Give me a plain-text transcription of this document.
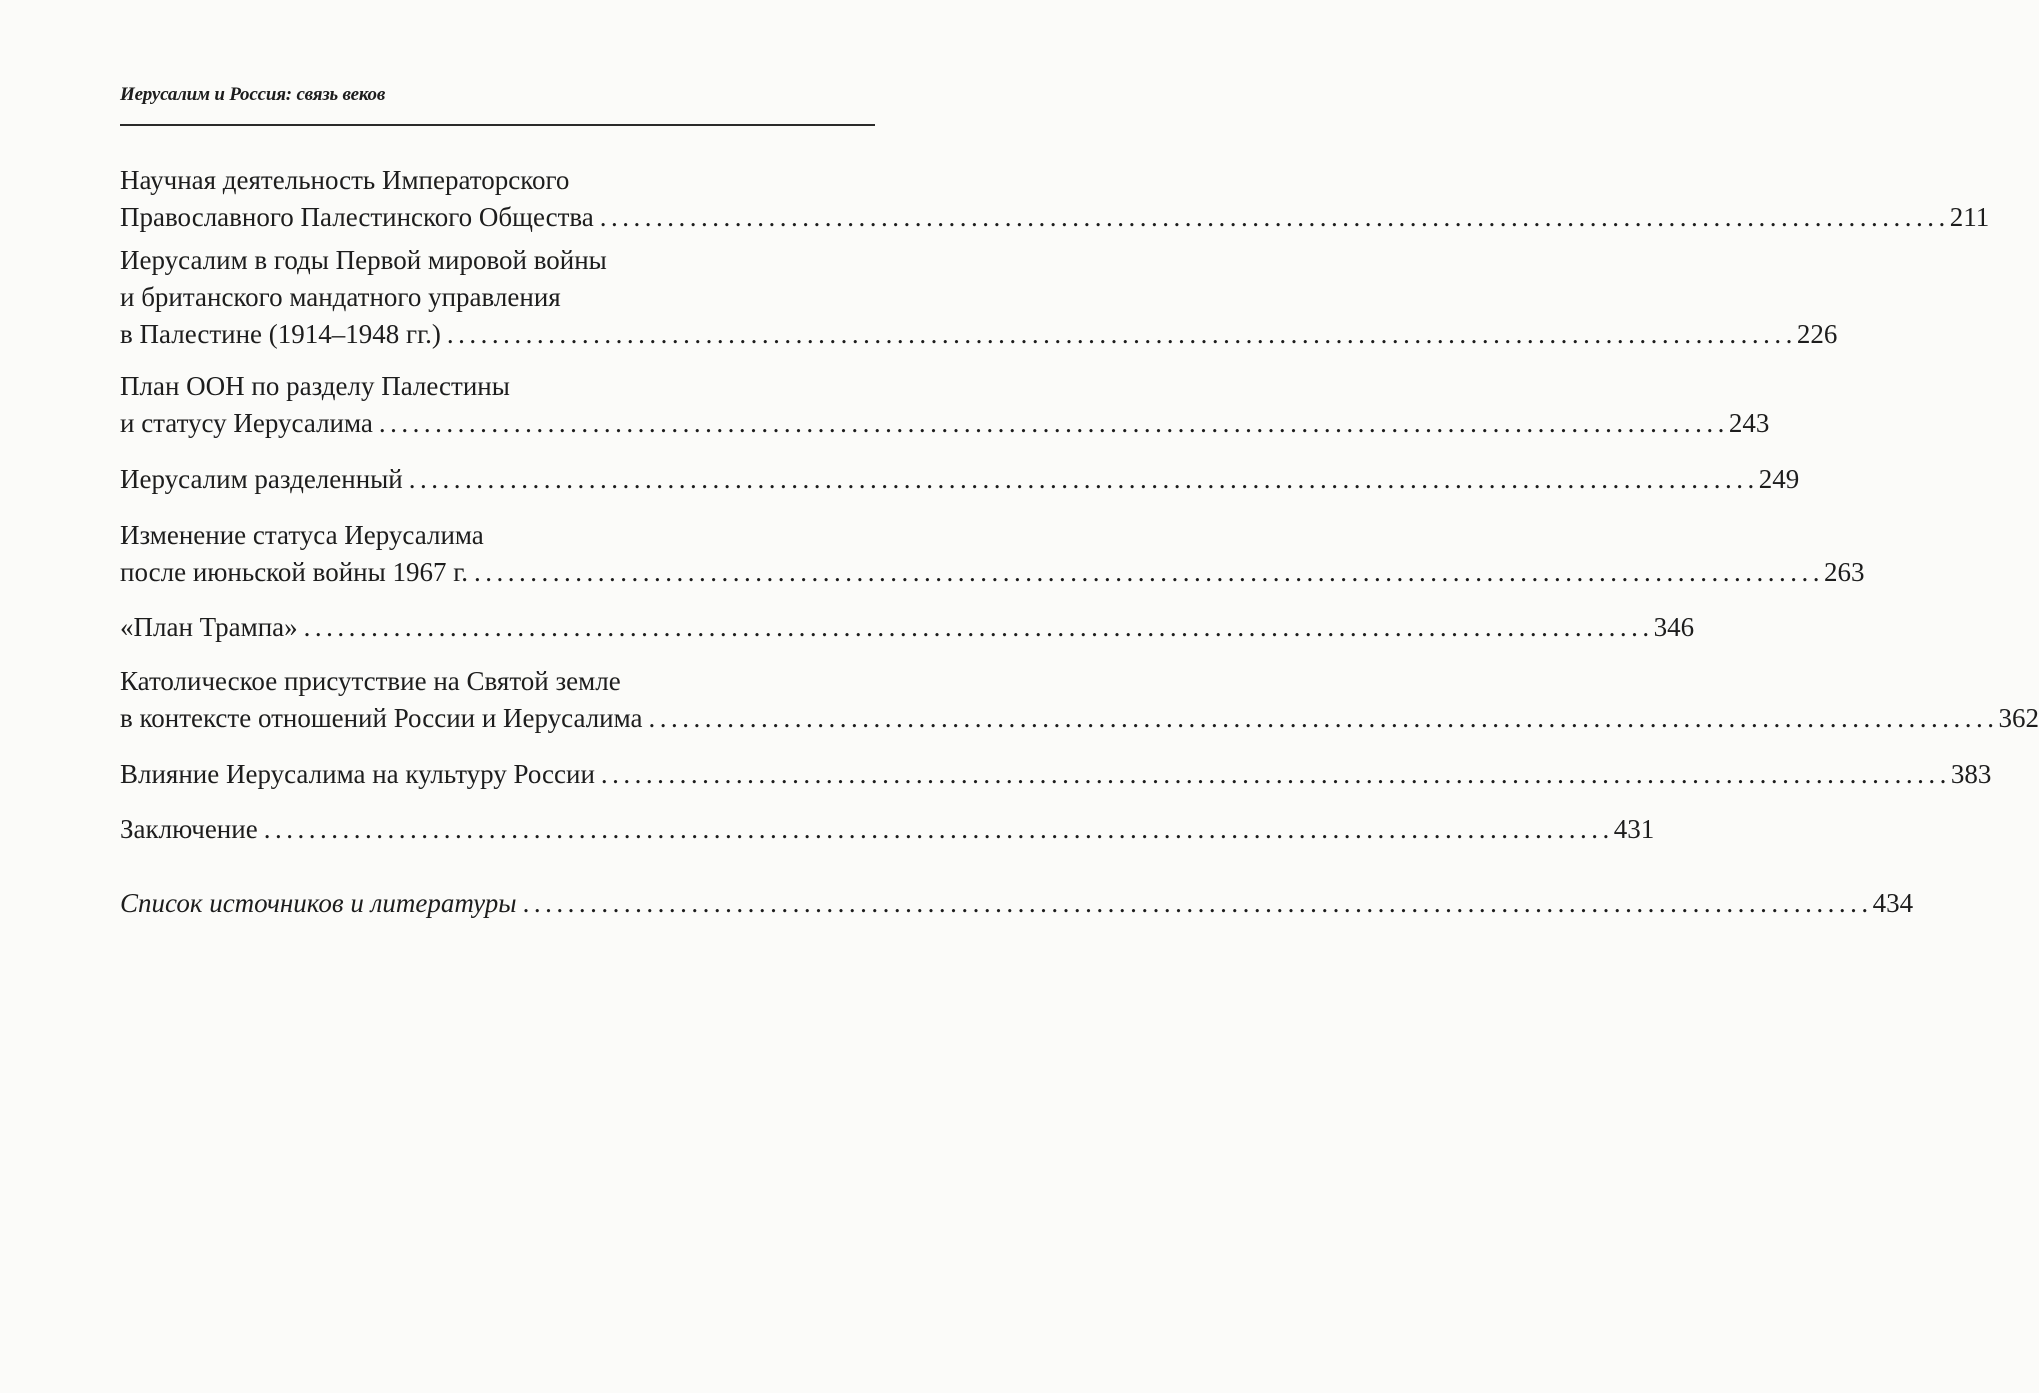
Иерусалим и Россия: связь веков
Научная деятельность Императорского
Православного Палестинского Общества ........................................................................................................................ 211
Иерусалим в годы Первой мировой войны
и британского мандатного управления
в Палестине (1914–1948 гг.) ........................................................................................................................ 226
План ООН по разделу Палестины
и статусу Иерусалима ........................................................................................................................ 243
Иерусалим разделенный ........................................................................................................................ 249
Изменение статуса Иерусалима
после июньской войны 1967 г. ........................................................................................................................ 263
«План Трампа» ........................................................................................................................ 346
Католическое присутствие на Святой земле
в контексте отношений России и Иерусалима ........................................................................................................................ 362
Влияние Иерусалима на культуру России ........................................................................................................................ 383
Заключение ........................................................................................................................ 431
Список источников и литературы ........................................................................................................................ 434
